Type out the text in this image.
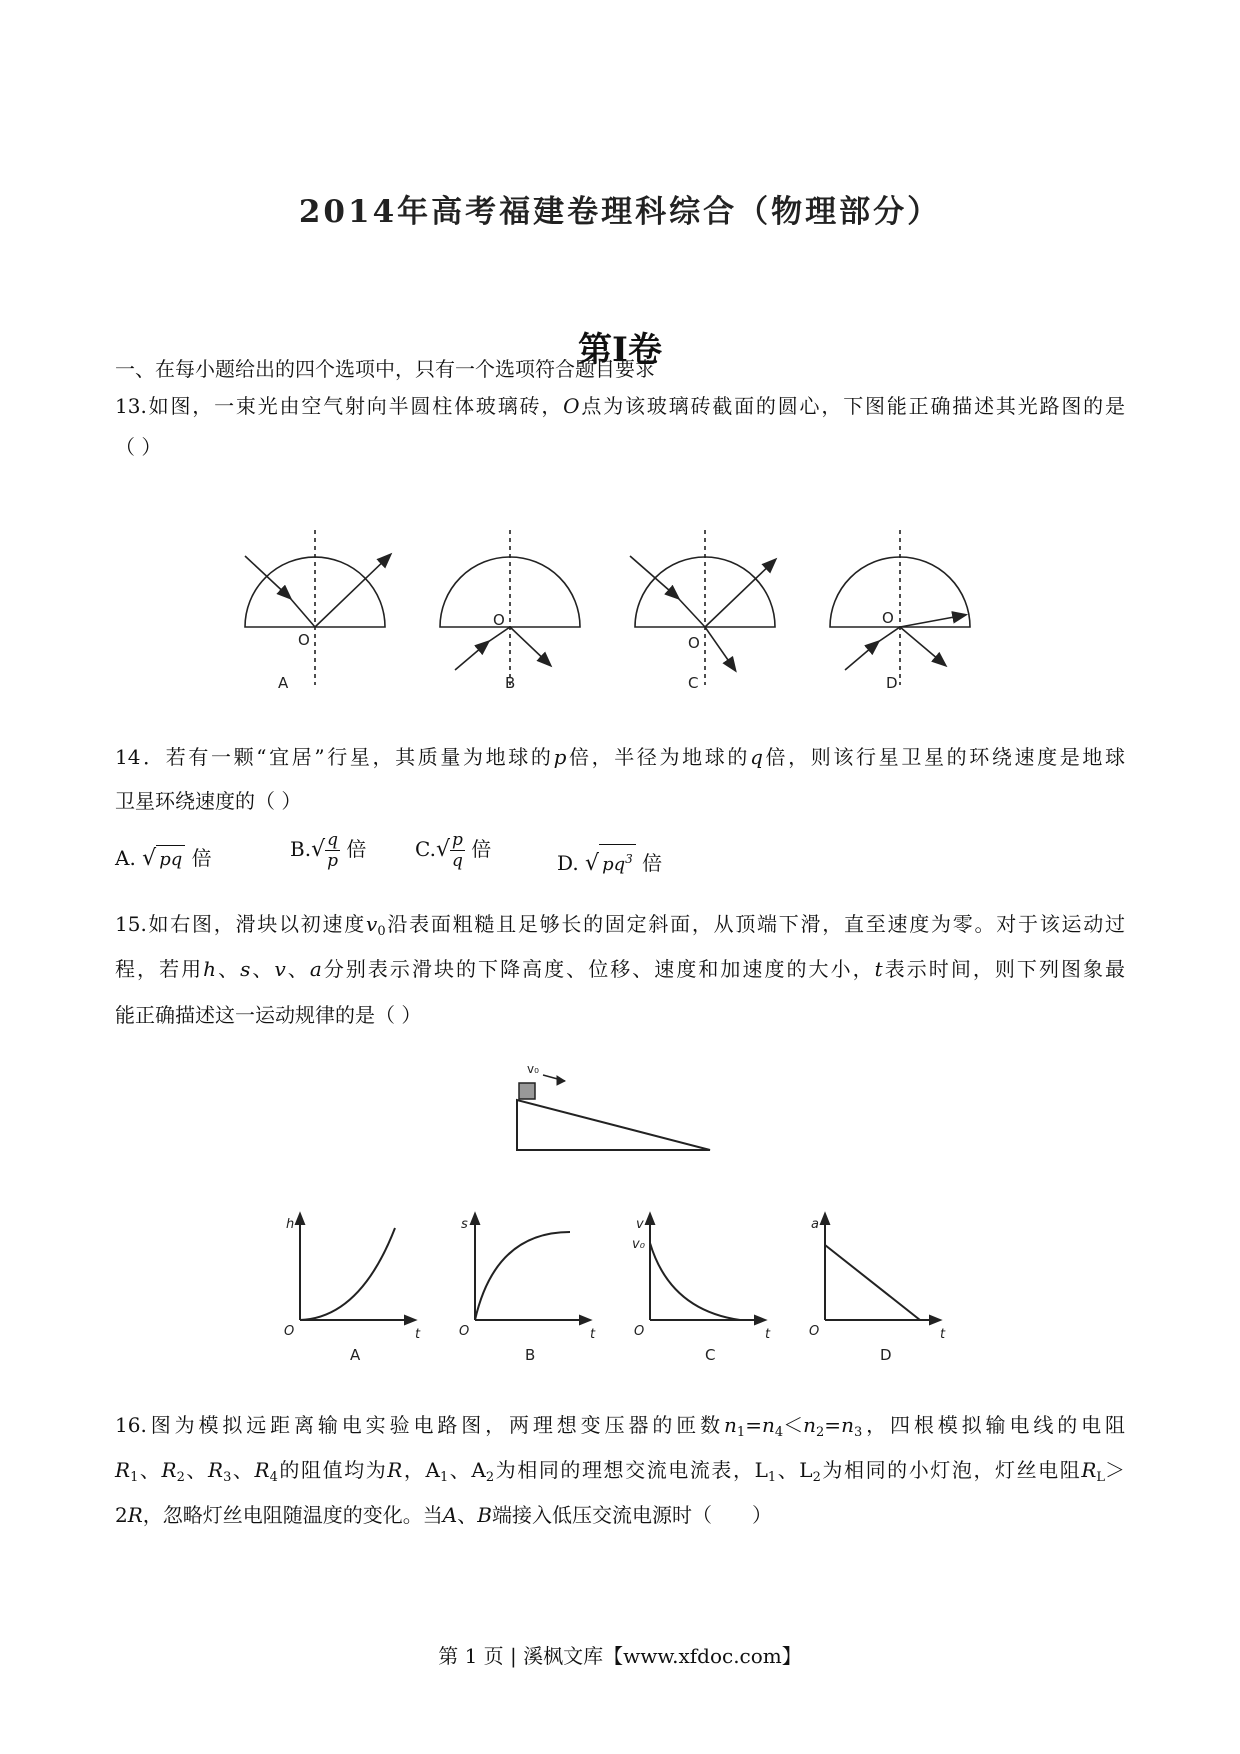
2014年高考福建卷理科综合（物理部分）
第I卷
一、在每小题给出的四个选项中，只有一个选项符合题目要求
13.如图，一束光由空气射向半圆柱体玻璃砖，O点为该玻璃砖截面的圆心，下图能正确描述其光路图的是
（ ）
O
O
O
O
A	B	C	D
14．若有一颗“宜居”行星，其质量为地球的p倍，半径为地球的q倍，则该行星卫星的环绕速度是地球
卫星环绕速度的（ ）
A. √ pq 倍	$B.√ \frac{q}{p}$ 倍 $C.√ \frac{p}{q}$ 倍
D. √ $pq^3$ 倍
15.如右图，滑块以初速度$v_0$沿表面粗糙且足够长的固定斜面，从顶端下滑，直至速度为零。对于该运动过
程，若用h、s、v、a分别表示滑块的下降高度、位移、速度和加速度的大小，t表示时间，则下列图象最
能正确描述这一运动规律的是（ ）
v₀
h
t
O
s
t
O
v
v₀
t
O
a
t
O
A	B	C	D
16.图为模拟远距离输电实验电路图，两理想变压器的匝数$n_1=n_4<n_2=n_3$，四根模拟输电线的电阻
$R_1$、$R_2$、$R_3$、$R_4$的阻值均为R，$A_1$、$A_2$为相同的理想交流电流表，$L_1$、$L_2$为相同的小灯泡，灯丝电阻$R_L>$
2R，忽略灯丝电阻随温度的变化。当A、B端接入低压交流电源时（　　）
第 1 页 | 溪枫文库【www.xfdoc.com】
